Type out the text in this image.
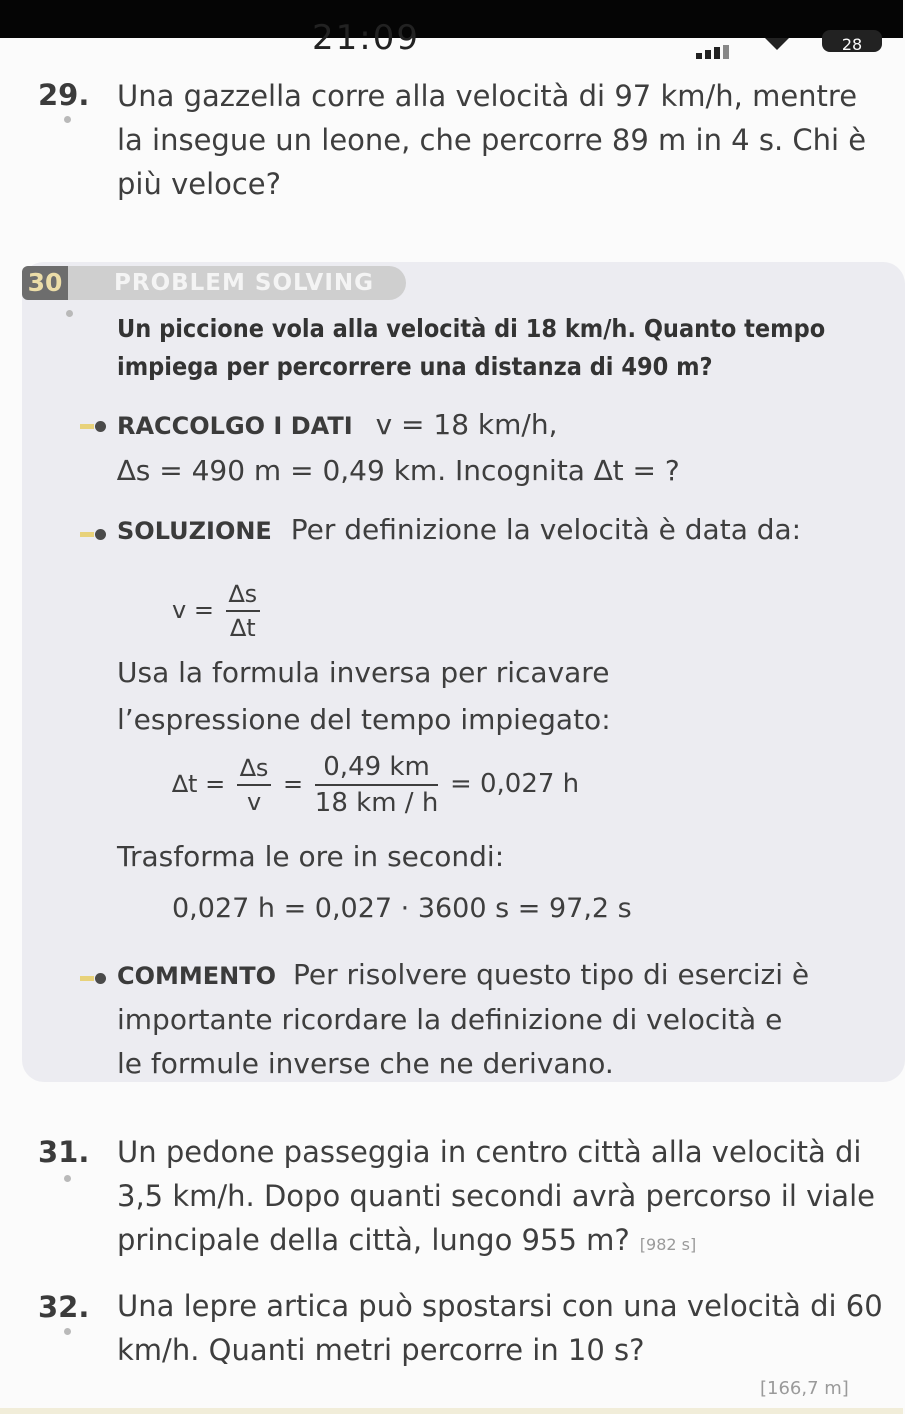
21:09	28
29. Una gazzella corre alla velocità di 97 km/h, mentre la insegue un leone, che percorre 89 m in 4 s. Chi è più veloce?
30	PROBLEM SOLVING
Un piccione vola alla velocità di 18 km/h. Quanto tempo impiega per percorrere una distanza di 490 m?
RACCOLGO I DATI v = 18 km/h,
∆s = 490 m = 0,49 km. Incognita ∆t = ?
SOLUZIONE Per definizione la velocità è data da:
$v = \frac{\Delta s}{\Delta t}$
Usa la formula inversa per ricavare
l’espressione del tempo impiegato:
$\Delta t = \frac{\Delta s}{v} = \frac{0,49 km}{18 km / h} = 0,027$ h
Trasforma le ore in secondi:
0,027 h = 0,027 · 3600 s = 97,2 s
COMMENTO Per risolvere questo tipo di esercizi è
importante ricordare la definizione di velocità e
le formule inverse che ne derivano.
31. Un pedone passeggia in centro città alla velocità di 3,5 km/h. Dopo quanti secondi avrà percorso il viale principale della città, lungo 955 m? [982 s]
32. Una lepre artica può spostarsi con una velocità di 60 km/h. Quanti metri percorre in 10 s?
[166,7 m]
